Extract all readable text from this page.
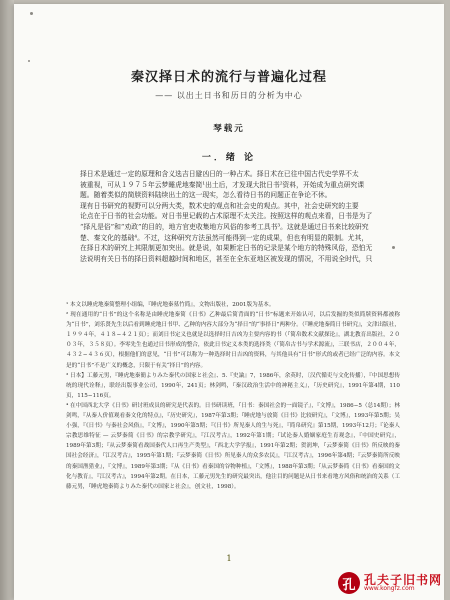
秦汉择日术的流行与普遍化过程
—— 以出土日书和历日的分析为中心
琴载元
一．绪 论

择日术是通过一定的原理和含义选吉日避凶日的一种占术。择日术在已往中国古代史学界不太
被重视，可从１９７５年云梦睡虎地秦简¹出土后，才发现大批日书²资料，开始成为重点研究课
题。随着类似的简牍资料陆续出土的这一现实，怎么看待日书的问题正在争论不休。

现有日书研究的视野可以分两大类，数术史的观点和社会史的观点。其中，社会史研究的主要
论点在于日书的社会功能。对日书里记载的占术原理不太关注。按照这样的观点来看，日书是为了
“择凡是俗”和“劝政”的目的，地方官吏收集地方风俗的参考工具书³。这就是通过日书来比较研究
楚、秦文化的基础⁴。不过，这种研究方法虽然可能得到一定的成果，但也有明显的限制。尤其，
在择日术的研究上其限制更加突出。就是说，如果断定日书的记录是某个地方的特殊风俗，恐怕无
法说明有关日书的择日资料超越时间和地区，甚至在全东亚地区被发现的情况，不用说全时代，只

¹ 本文以睡虎地秦简整理小组编，『睡虎地秦墓竹简』，文物出版社，2001版为基本。
² 现在通用的“日书”的这个名称是由睡虎地秦简《日书》乙种最后简背面的“日书”标题来开始认可，以后发掘的类似简牍资料都被称为“日书”，刘乐贤先生以后看到睡虎地日书甲、乙种的内容大部分为“择日”的“事择日”两种分。（『睡虎地秦简日书研究』，文津出版社，１９９４年，４１８−４２１页）；而刘日书定义也就是以选择时日吉凶为主要内容的书（『简帛数术文献探论』，湖北教育出版社，２００３年，３５８页）。李零先生也通过日书形成的整合，依此日书定义本类的选择类（『简帛古书与学术源流』，三联书店，２００４年，４３２−４３６页），根据他们的意见，“日书”可以称为一种选择时日吉凶的资料，与其他具有“日书”形式的或者已经广泛的内容。本文是的“日书”不是广义的概念，只限于有关“择日”的内容。
³ 日本】工藤元男，『睡虎地秦簡よりみた秦代の国家と社会』、5.『史論』7，1986年，余英时，〔汉代循吏与文化传播〕，『中国思想传统的现代诠释』，联经出版事业公司，1990年，241页；林剑鸣，『秦汉政治生活中的神秘主义』，『历史研究』，1991年第4期，110页，115−116页。
⁴ 在中国西北大学《日书》研讨班成员的研究是代表的。日书研读班，『日书：秦国社会的一面镜子』，『文博』，1986−5（总14期）；林剑鸣，『从秦人价值观看秦文化的特点』，『历史研究』，1987年第3期；『睡虎地与放简《日书》比较研究』，『文博』，1993年第5期；吴小强，『《日书》与秦社会风俗』，『文博』，1990年第5期；『《日书》所见秦人的生与死』，『简帛研究』第15期，1993年12月；『论秦人宗教思维特征 — 云梦秦简《日书》的宗教学研究』，『江汉考古』，1992年第1期；『试论秦人婚姻家庭生育观念』，『中国史研究』，1989年第3期；『从云梦秦简看战国秦代人口再生产类型』，『西北大学学报』，1991年第2期；贺润坤，『云梦秦简《日书》所反映的秦国社会经济』，『江汉考古』，1995年第1期；『云梦秦简《日书》所见秦人的众多农民』，『江汉考古』，1996年第4期；『云梦秦简所反映的秦国渔猎业』，『文博』，1989年第3期；『从《日书》看秦国的谷物种植』，『文博』，1988年第3期；『从云梦秦简《日书》看秦国的文化与教育』，『江汉考古』，1994年第2期。在日本，工藤元男先生的研究最突出，他注目的问题是从日书来看地方风俗和统治的关系（工藤元男，『睡虎地秦简よりみた秦代の国家と社会』，创文社，1998）。
1
孔 孔夫子旧书网
www.kongfz.com
